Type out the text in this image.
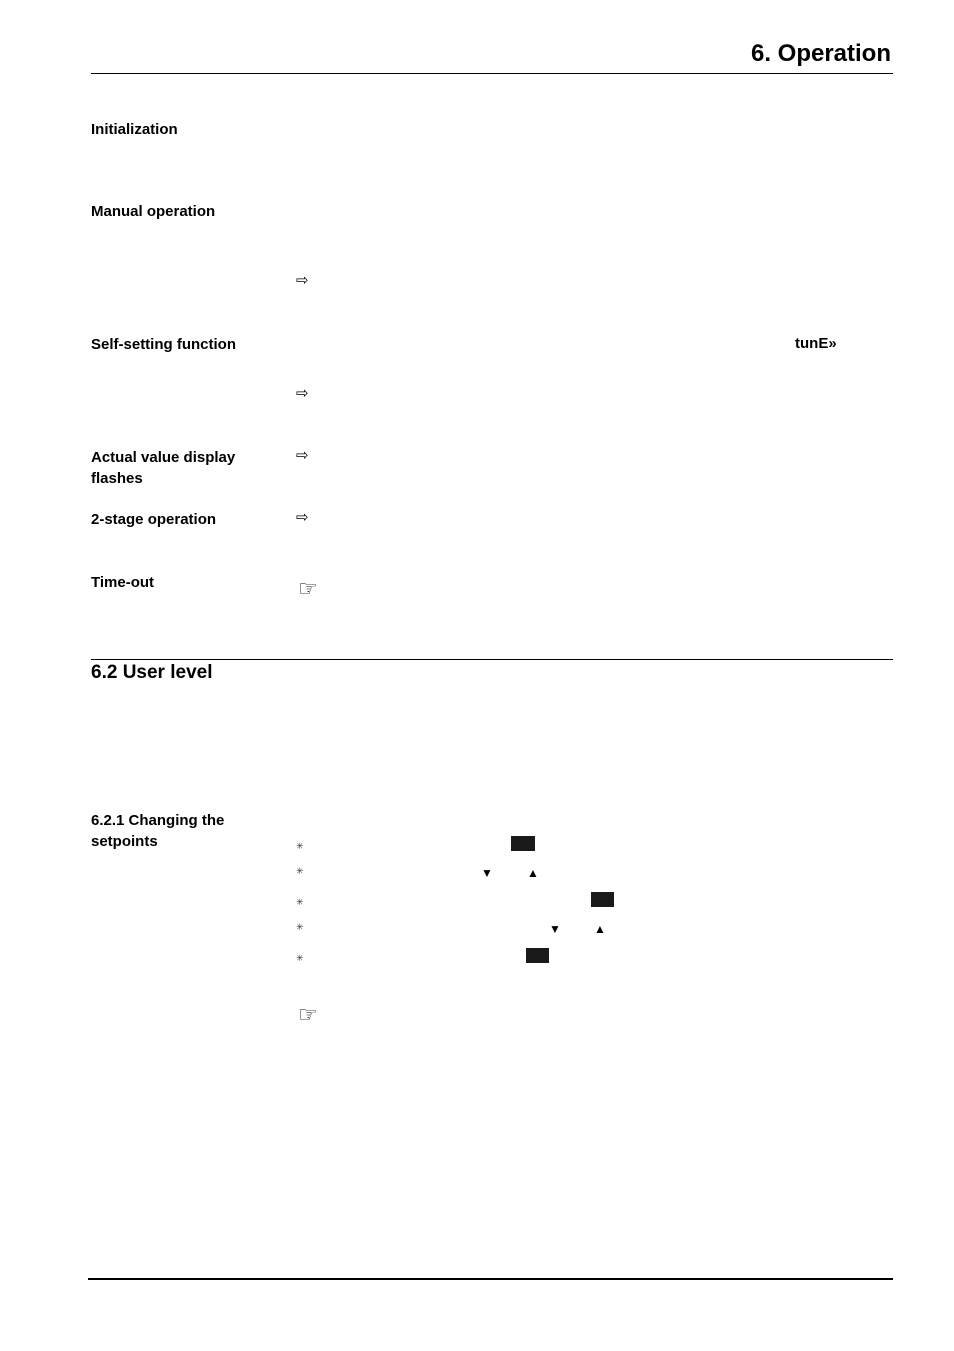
6. Operation
Initialization
Manual operation
⇨
Self-setting function	tunE»
⇨
Actual value display flashes
⇨
2-stage operation	⇨
Time-out	☞
6.2 User level
6.2.1 Changing the setpoints	✳
✳	▼	▲
✳
✳	▼	▲
✳
☞
